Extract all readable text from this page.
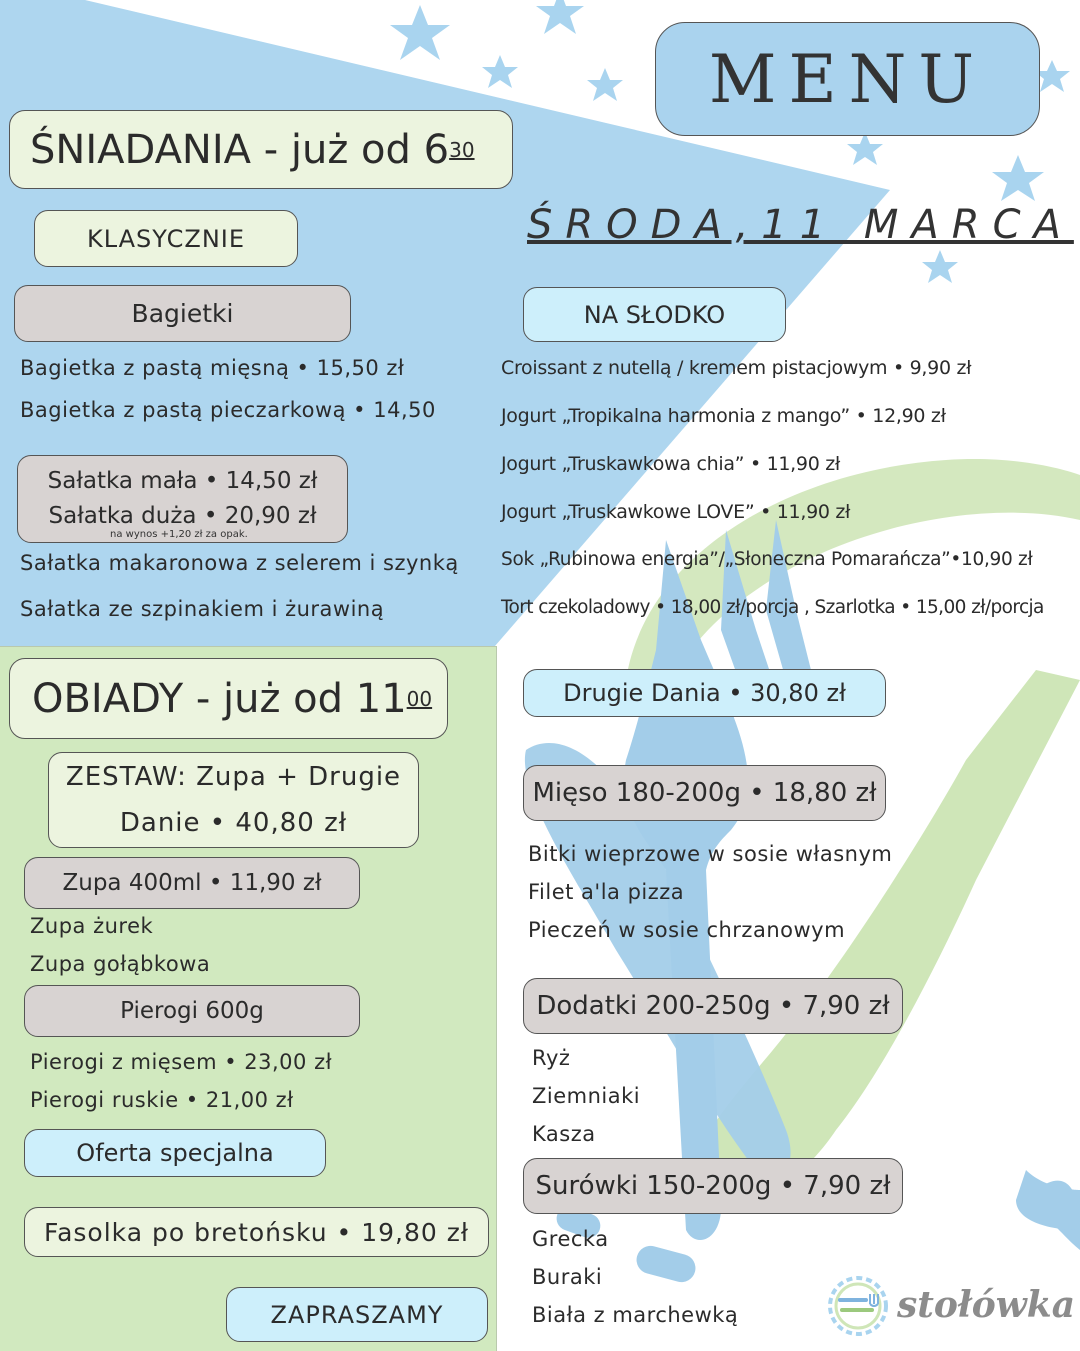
MENU
ŚRODA,11 MARCA
ŚNIADANIA - już od 6 30
KLASYCZNIE
Bagietki
Bagietka z pastą mięsną • 15,50 zł
Bagietka z pastą pieczarkową • 14,50
Sałatka mała • 14,50 zł
Sałatka duża • 20,90 zł
na wynos +1,20 zł za opak.
Sałatka makaronowa z selerem i szynką
Sałatka ze szpinakiem i żurawiną
NA SŁODKO
Croissant z nutellą / kremem pistacjowym • 9,90 zł
Jogurt „Tropikalna harmonia z mango” • 12,90 zł
Jogurt „Truskawkowa chia” • 11,90 zł
Jogurt „Truskawkowe LOVE” • 11,90 zł
Sok „Rubinowa energia”/„Słoneczna Pomarańcza”•10,90 zł
Tort czekoladowy • 18,00 zł/porcja , Szarlotka • 15,00 zł/porcja
OBIADY - już od 11 00
ZESTAW: Zupa + Drugie
Danie • 40,80 zł
Zupa 400ml • 11,90 zł
Zupa żurek
Zupa gołąbkowa
Pierogi 600g
Pierogi z mięsem • 23,00 zł
Pierogi ruskie • 21,00 zł
Oferta specjalna
Fasolka po bretońsku • 19,80 zł
ZAPRASZAMY
Drugie Dania • 30,80 zł
Mięso 180-200g • 18,80 zł
Bitki wieprzowe w sosie własnym
Filet a'la pizza
Pieczeń w sosie chrzanowym
Dodatki 200-250g • 7,90 zł
Ryż
Ziemniaki
Kasza
Surówki 150-200g • 7,90 zł
Grecka
Buraki
Biała z marchewką	stołówka
